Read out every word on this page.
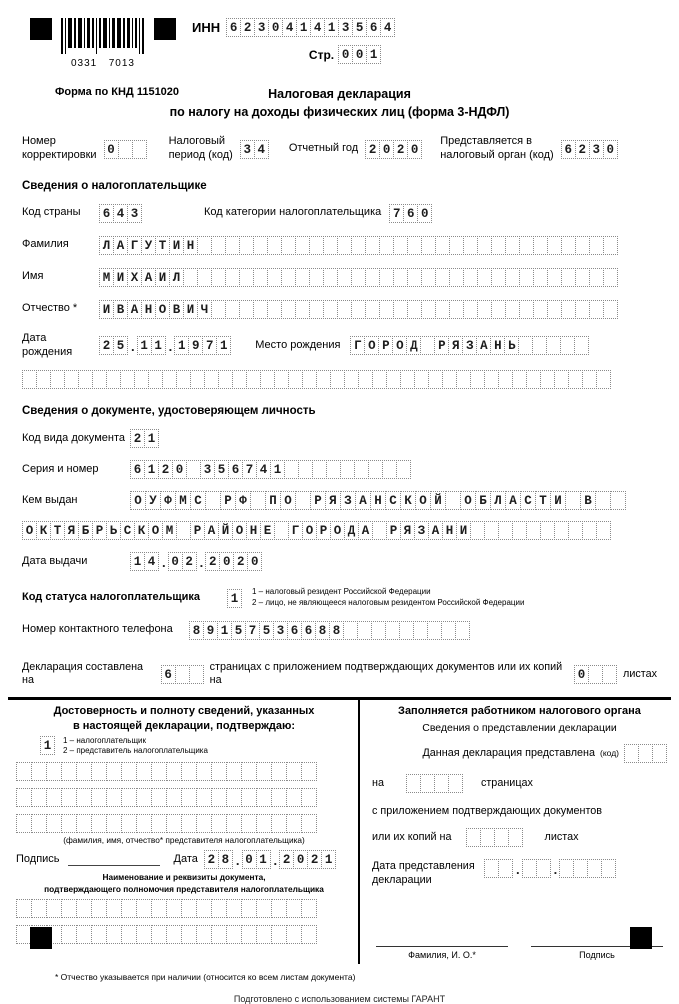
0331 7013
ИНН 6 2 3 0 4 1 4 1 3 5 6 4
Стр. 0 0 1
Форма по КНД 1151020	Налоговая декларация
по налогу на доходы физических лиц (форма 3-НДФЛ)
Номер
корректировки 0
Налоговый
период (код) 3 4	Отчетный год 2 0 2 0
Представляется в
налоговый орган (код) 6 2 3 0
Сведения о налогоплательщике
Код страны	6 4 3	Код категории налогоплательщика 7 6 0
Фамилия	Л А Г У Т И Н
Имя	М И Х А И Л
Отчество *	И В А Н О В И Ч
Дата рождения	2 5 . 1 1 . 1 9 7 1	Место рождения Г О Р О Д	Р Я З А Н Ь
Сведения о документе, удостоверяющем личность
Код вида документа 2 1
Серия и номер	6 1 2 0	3 5 6 7 4 1
Кем выдан	О У Ф М С	Р Ф	П О	Р Я З А Н С К О Й	О Б Л А С Т И	В
О К Т Я Б Р Ь С К О М	Р А Й О Н Е	Г О Р О Д А	Р Я З А Н И
Дата выдачи	1 4 . 0 2 . 2 0 2 0
Код статуса налогоплательщика	1	1 – налоговый резидент Российской Федерации
2 – лицо, не являющееся налоговым резидентом Российской Федерации
Номер контактного телефона	8 9 1 5 7 5 3 6 6 8 8
Декларация составлена на	6
страницах с приложением подтверждающих документов или их копий на	0	листах
Достоверность и полноту сведений, указанных
в настоящей декларации, подтверждаю:
1	1 – налогоплательщик
2 – представитель налогоплательщика
(фамилия, имя, отчество* представителя налогоплательщика)
Подпись	Дата 2 8 . 0 1 . 2 0 2 1
Наименование и реквизиты документа,
подтверждающего полномочия представителя налогоплательщика
Заполняется работником налогового органа
Сведения о представлении декларации
Данная декларация представлена (код)
на	страницах
с приложением подтверждающих документов
или их копий на	листах
Дата представления
декларации
.	.
Фамилия, И. О.*	Подпись
* Отчество указывается при наличии (относится ко всем листам документа)
Подготовлено с использованием системы ГАРАНТ
